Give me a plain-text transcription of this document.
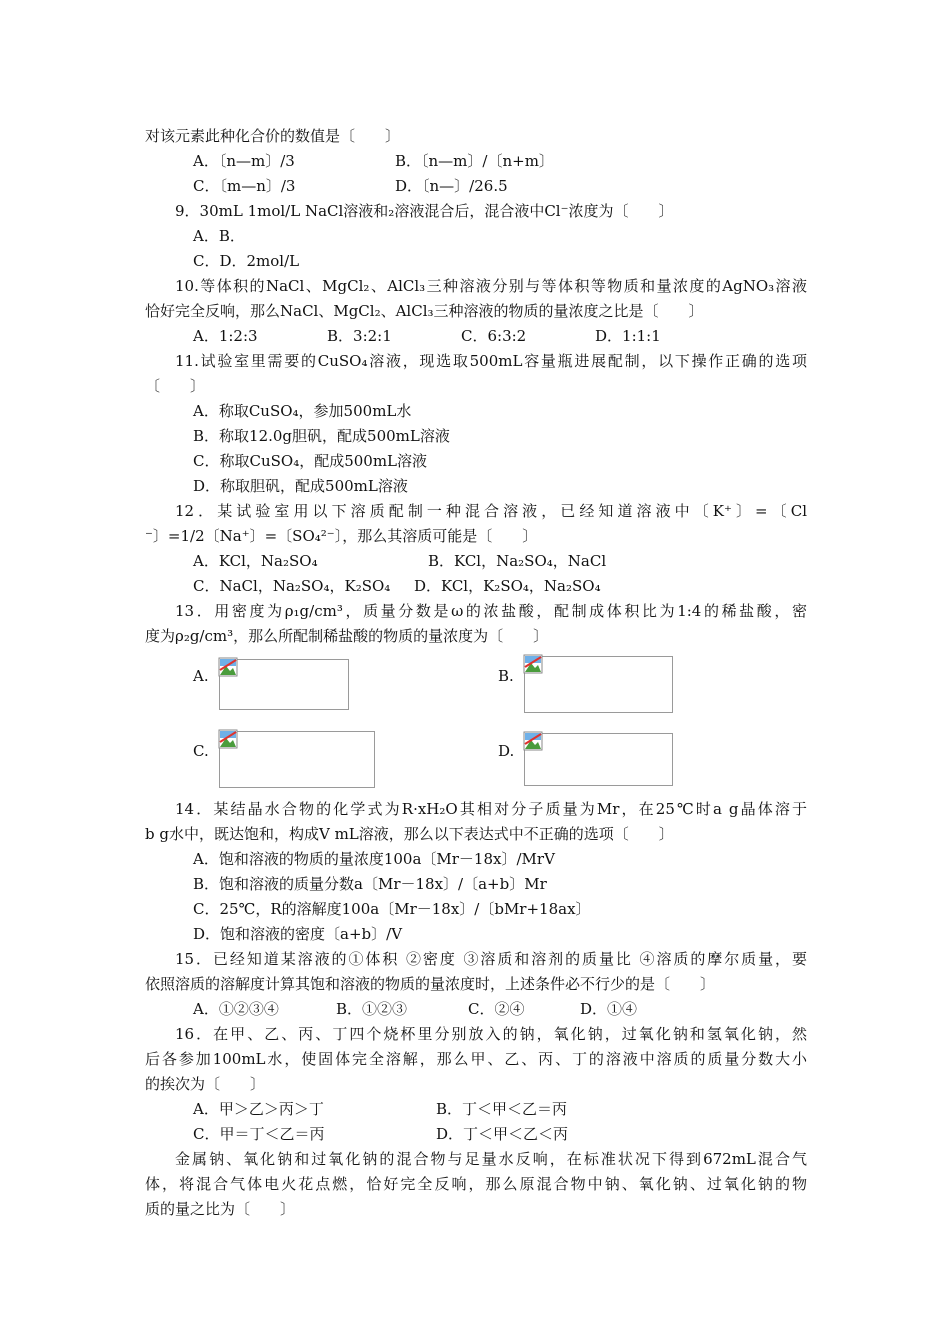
对该元素此种化合价的数值是〔　　〕
A．〔n—m〕/3	B．〔n—m〕/〔n+m〕
C．〔m—n〕/3	D．〔n—〕/26.5
9．30mL 1mol/L NaCl溶液和₂溶液混合后，混合液中Cl⁻浓度为〔　　〕
A．B．
C．D．2mol/L
10.等体积的NaCl、MgCl₂、AlCl₃三种溶液分别与等体积等物质和量浓度的AgNO₃溶液
恰好完全反响，那么NaCl、MgCl₂、AlCl₃三种溶液的物质的量浓度之比是〔　　〕
A．1:2:3	B．3:2:1	C．6:3:2	D．1:1:1
11.试验室里需要的CuSO₄溶液，现选取500mL容量瓶进展配制，以下操作正确的选项
〔　　〕
A．称取CuSO₄，参加500mL水
B．称取12.0g胆矾，配成500mL溶液
C．称取CuSO₄，配成500mL溶液
D．称取胆矾，配成500mL溶液
12．某试验室用以下溶质配制一种混合溶液，已经知道溶液中〔K⁺〕=〔Cl
⁻〕=1/2〔Na⁺〕=〔SO₄²⁻〕，那么其溶质可能是〔　　〕
A．KCl，Na₂SO₄	B．KCl，Na₂SO₄，NaCl
C．NaCl，Na₂SO₄，K₂SO₄ D．KCl，K₂SO₄，Na₂SO₄
13．用密度为ρ₁g/cm³，质量分数是ω的浓盐酸，配制成体积比为1:4的稀盐酸，密
度为ρ₂g/cm³，那么所配制稀盐酸的物质的量浓度为〔　　〕
A.	B.
C.	D.
14．某结晶水合物的化学式为R·xH₂O其相对分子质量为Mr，在25℃时a g晶体溶于
b g水中，既达饱和，构成V mL溶液，那么以下表达式中不正确的选项〔　　〕
A．饱和溶液的物质的量浓度100a〔Mr－18x〕/MrV
B．饱和溶液的质量分数a〔Mr－18x〕/〔a+b〕Mr
C．25℃，R的溶解度100a〔Mr－18x〕/〔bMr+18ax〕
D．饱和溶液的密度〔a+b〕/V
15．已经知道某溶液的①体积 ②密度 ③溶质和溶剂的质量比 ④溶质的摩尔质量，要
依照溶质的溶解度计算其饱和溶液的物质的量浓度时，上述条件必不行少的是〔　　〕
A．①②③④	B．①②③	C．②④	D．①④
16．在甲、乙、丙、丁四个烧杯里分别放入的钠，氧化钠，过氧化钠和氢氧化钠，然
后各参加100mL水，使固体完全溶解，那么甲、乙、丙、丁的溶液中溶质的质量分数大小
的挨次为〔　　〕
A．甲＞乙＞丙＞丁	B．丁＜甲＜乙＝丙
C．甲＝丁＜乙＝丙	D．丁＜甲＜乙＜丙
金属钠、氧化钠和过氧化钠的混合物与足量水反响，在标准状况下得到672mL混合气
体，将混合气体电火花点燃，恰好完全反响，那么原混合物中钠、氧化钠、过氧化钠的物
质的量之比为〔　　〕
